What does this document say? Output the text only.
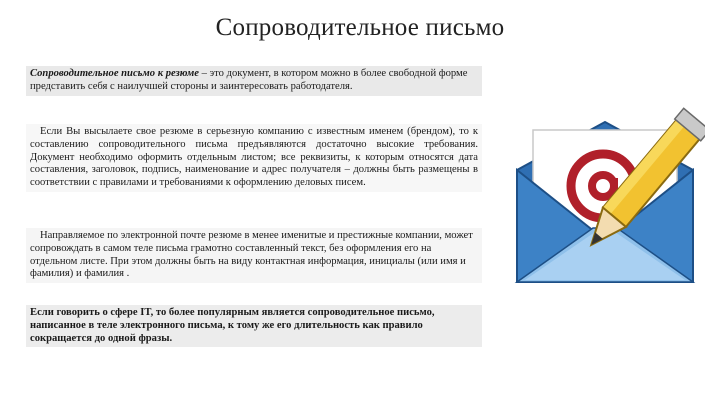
Сопроводительное письмо

Сопроводительное письмо к резюме – это документ, в котором можно в более свободной форме представить себя с наилучшей стороны и заинтересовать работодателя.

Если Вы высылаете свое резюме в серьезную компанию с известным именем (брендом), то к составлению сопроводительного письма предъявляются достаточно высокие требования. Документ необходимо оформить отдельным листом; все реквизиты, к которым относятся дата составления, заголовок, подпись, наименование и адрес получателя – должны быть размещены в соответствии с правилами и требованиями к оформлению деловых писем.

Направляемое по электронной почте резюме в менее именитые и престижные компании, может сопровождать в самом теле письма грамотно составленный текст, без оформления его на отдельном листе. При этом должны быть на виду контактная информация, инициалы (или имя и фамилия) и фамилия .

Если говорить о сфере IT, то более популярным является сопроводительное письмо, написанное в теле электронного письма, к тому же его длительность как правило сокращается до одной фразы.
